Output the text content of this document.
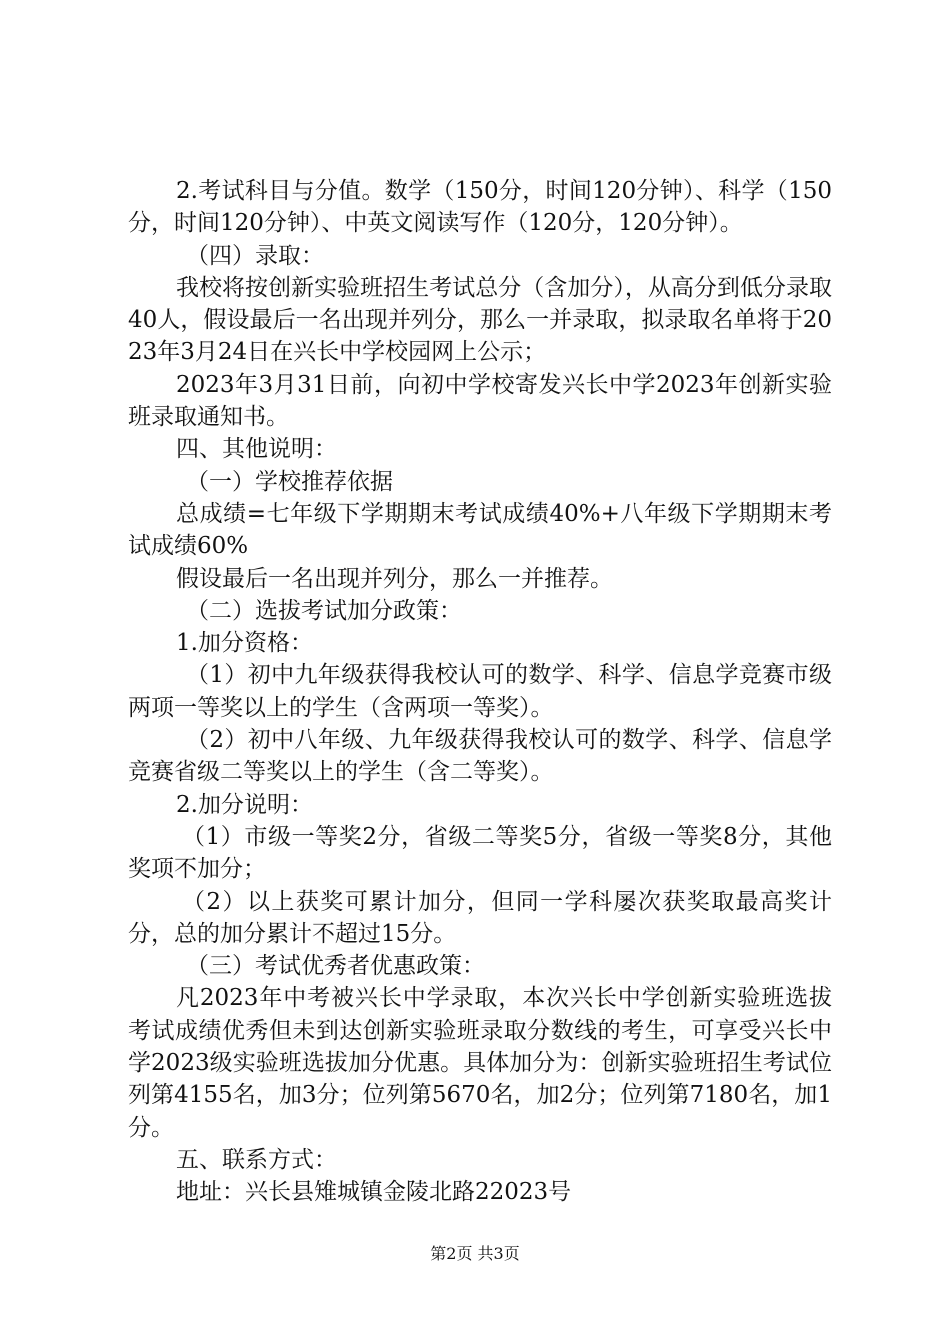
2.考试科目与分值。数学（150分，时间120分钟）、科学（150分，时间120分钟）、中英文阅读写作（120分，120分钟）。

（四）录取：

我校将按创新实验班招生考试总分（含加分），从高分到低分录取40人，假设最后一名出现并列分，那么一并录取，拟录取名单将于2023年3月24日在兴长中学校园网上公示；

2023年3月31日前，向初中学校寄发兴长中学2023年创新实验班录取通知书。

四、其他说明：

（一）学校推荐依据

总成绩=七年级下学期期末考试成绩40%+八年级下学期期末考试成绩60%

假设最后一名出现并列分，那么一并推荐。

（二）选拔考试加分政策：

1.加分资格：

（1）初中九年级获得我校认可的数学、科学、信息学竞赛市级两项一等奖以上的学生（含两项一等奖）。

（2）初中八年级、九年级获得我校认可的数学、科学、信息学竞赛省级二等奖以上的学生（含二等奖）。

2.加分说明：

（1）市级一等奖2分，省级二等奖5分，省级一等奖8分，其他奖项不加分；

（2）以上获奖可累计加分，但同一学科屡次获奖取最高奖计分，总的加分累计不超过15分。

（三）考试优秀者优惠政策：

凡2023年中考被兴长中学录取，本次兴长中学创新实验班选拔考试成绩优秀但未到达创新实验班录取分数线的考生，可享受兴长中学2023级实验班选拔加分优惠。具体加分为：创新实验班招生考试位列第4155名，加3分；位列第5670名，加2分；位列第7180名，加1分。

五、联系方式：

地址：兴长县雉城镇金陵北路22023号

第2页 共3页
